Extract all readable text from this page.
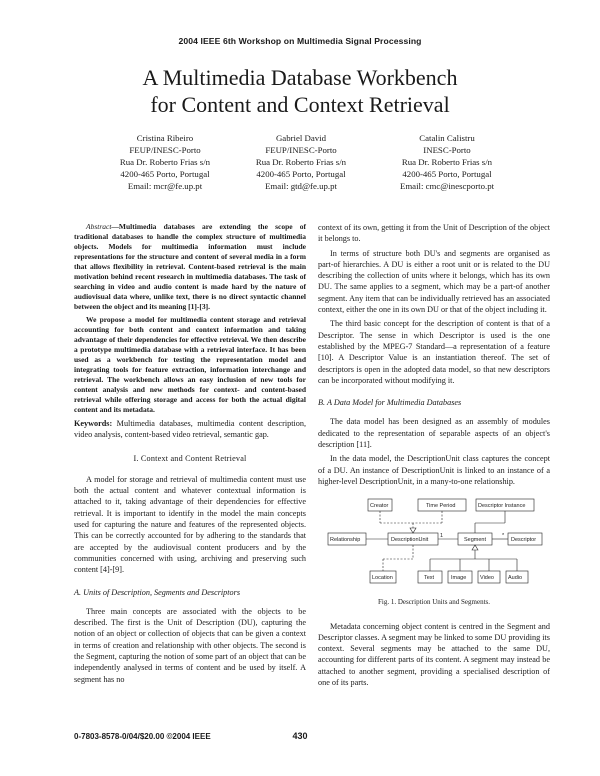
2004 IEEE 6th Workshop on Multimedia Signal Processing
A Multimedia Database Workbench
for Content and Context Retrieval
Cristina Ribeiro
FEUP/INESC-Porto
Rua Dr. Roberto Frias s/n
4200-465 Porto, Portugal
Email: mcr@fe.up.pt
Gabriel David
FEUP/INESC-Porto
Rua Dr. Roberto Frias s/n
4200-465 Porto, Portugal
Email: gtd@fe.up.pt
Catalin Calistru
INESC-Porto
Rua Dr. Roberto Frias s/n
4200-465 Porto, Portugal
Email: cmc@inescporto.pt

Abstract—Multimedia databases are extending the scope of traditional databases to handle the complex structure of multimedia objects. Models for multimedia information must include representations for the structure and content of several media in a form that allows flexibility in retrieval. Content-based retrieval is the main motivation behind recent research in multimedia databases. The task of searching in video and audio content is made hard by the nature of audiovisual data where, unlike text, there is no direct syntactic channel between the object and its meaning [1]-[3].

We propose a model for multimedia content storage and retrieval accounting for both content and context information and taking advantage of their dependencies for effective retrieval. We then describe a prototype multimedia database with a retrieval interface. It has been used as a workbench for testing the representation model and integrating tools for feature extraction, information interchange and retrieval. The workbench allows an easy inclusion of new tools for content analysis and new methods for context- and content-based retrieval while offering storage and access for both the actual digital content and its metadata.

Keywords: Multimedia databases, multimedia content description, video analysis, content-based video retrieval, semantic gap.

I. Context and Content Retrieval

A model for storage and retrieval of multimedia content must use both the actual content and whatever contextual information is attached to it, taking advantage of their dependencies for effective retrieval. It is important to identify in the model the main concepts used for capturing the nature and features of the represented objects. This can be correctly accounted for by adhering to the standards that are accepted by the audiovisual content producers and by the communities concerned with using, archiving and preserving such content [4]-[9].

A. Units of Description, Segments and Descriptors

Three main concepts are associated with the objects to be described. The first is the Unit of Description (DU), capturing the notion of an object or collection of objects that can be given a context in terms of creation and relationship with other objects. The second is the Segment, capturing the notion of some part of an object that can be independently analysed in terms of content and be used by itself. A segment has no

context of its own, getting it from the Unit of Description of the object it belongs to.

In terms of structure both DU's and segments are organised as part-of hierarchies. A DU is either a root unit or is related to the DU describing the collection of units where it belongs, which has its own DU. The same applies to a segment, which may be a part-of another segment. Any item that can be individually retrieved has an associated context, either the one in its own DU or that of the object including it.

The third basic concept for the description of content is that of a Descriptor. The sense in which Descriptor is used is the one established by the MPEG-7 Standard—a representation of a feature [10]. A Descriptor Value is an instantiation thereof. The set of descriptors is open in the adopted data model, so that new descriptors can be incorporated without modifying it.

B. A Data Model for Multimedia Databases

The data model has been designed as an assembly of modules dedicated to the representation of separable aspects of an object's description [11].

In the data model, the DescriptionUnit class captures the concept of a DU. An instance of DescriptionUnit is linked to an instance of a higher-level DescriptionUnit, in a many-to-one relationship.

Creator	Time Period	Descriptor Instance
Relationship	DescriptionUnit	Segment	Descriptor
Location	Text	Image Video	Audio
1	*
Fig. 1. Description Units and Segments.

Metadata concerning object content is centred in the Segment and Descriptor classes. A segment may be linked to some DU providing its context. Several segments may be attached to the same DU, accounting for different parts of its content. A segment may instead be attached to another segment, providing a specialised description of one of its parts.

0-7803-8578-0/04/$20.00 ©2004 IEEE	430
